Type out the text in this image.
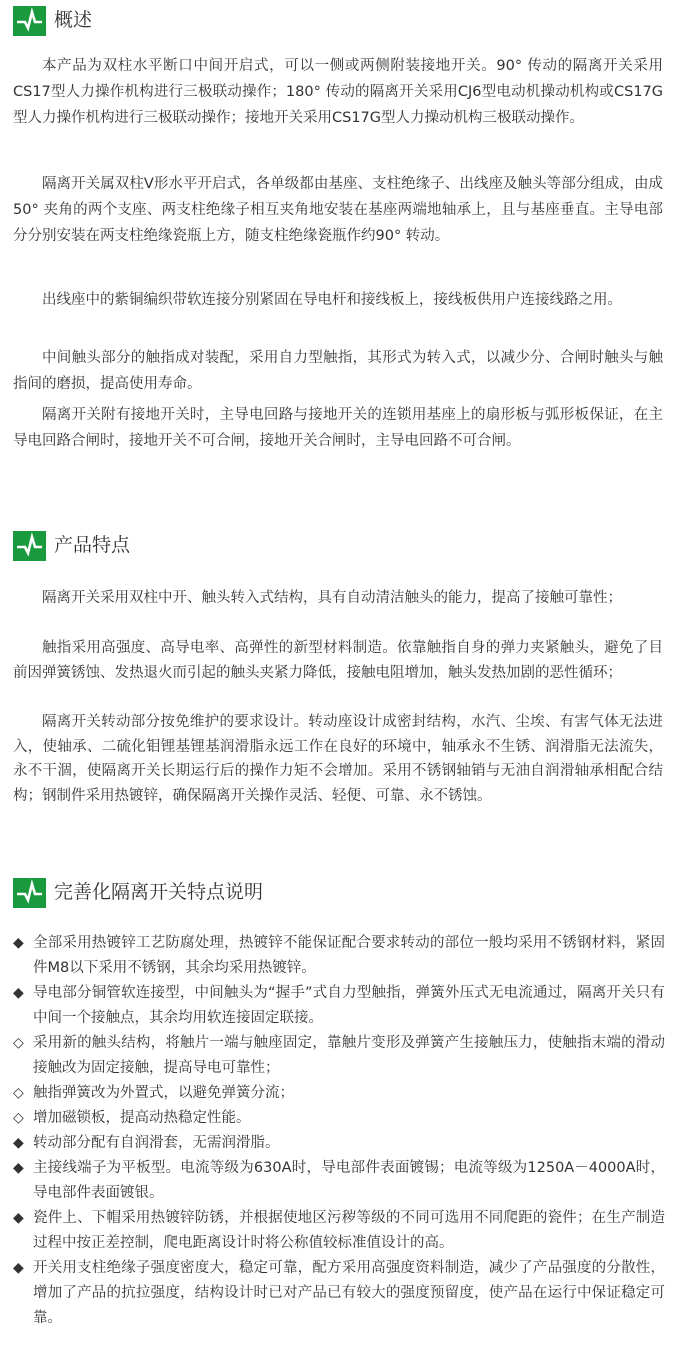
概述

本产品为双柱水平断口中间开启式，可以一侧或两侧附装接地开关。90° 传动的隔离开关采用CS17型人力操作机构进行三极联动操作；180° 传动的隔离开关采用CJ6型电动机操动机构或CS17G型人力操作机构进行三极联动操作；接地开关采用CS17G型人力操动机构三极联动操作。

隔离开关属双柱V形水平开启式，各单级都由基座、支柱绝缘子、出线座及触头等部分组成，由成50° 夹角的两个支座、两支柱绝缘子相互夹角地安装在基座两端地轴承上，且与基座垂直。主导电部分分别安装在两支柱绝缘瓷瓶上方，随支柱绝缘瓷瓶作约90° 转动。

出线座中的紫铜编织带软连接分别紧固在导电杆和接线板上，接线板供用户连接线路之用。

中间触头部分的触指成对装配，采用自力型触指，其形式为转入式，以减少分、合闸时触头与触指间的磨损，提高使用寿命。

隔离开关附有接地开关时，主导电回路与接地开关的连锁用基座上的扇形板与弧形板保证，在主导电回路合闸时，接地开关不可合闸，接地开关合闸时，主导电回路不可合闸。

产品特点

隔离开关采用双柱中开、触头转入式结构，具有自动清洁触头的能力，提高了接触可靠性；

触指采用高强度、高导电率、高弹性的新型材料制造。依靠触指自身的弹力夹紧触头，避免了目前因弹簧锈蚀、发热退火而引起的触头夹紧力降低，接触电阻增加，触头发热加剧的恶性循环；

隔离开关转动部分按免维护的要求设计。转动座设计成密封结构，水汽、尘埃、有害气体无法进入，使轴承、二硫化钼锂基锂基润滑脂永远工作在良好的环境中，轴承永不生锈、润滑脂无法流失，永不干涸，使隔离开关长期运行后的操作力矩不会增加。采用不锈钢轴销与无油自润滑轴承相配合结构；钢制件采用热镀锌，确保隔离开关操作灵活、轻便、可靠、永不锈蚀。

完善化隔离开关特点说明
◆ 全部采用热镀锌工艺防腐处理，热镀锌不能保证配合要求转动的部位一般均采用不锈钢材料，紧固件M8以下采用不锈钢，其余均采用热镀锌。
◆ 导电部分铜管软连接型，中间触头为“握手”式自力型触指，弹簧外压式无电流通过，隔离开关只有中间一个接触点，其余均用软连接固定联接。
◇ 采用新的触头结构，将触片一端与触座固定，靠触片变形及弹簧产生接触压力，使触指末端的滑动接触改为固定接触，提高导电可靠性；
◇ 触指弹簧改为外置式，以避免弹簧分流；
◇ 增加磁锁板，提高动热稳定性能。
◆ 转动部分配有自润滑套，无需润滑脂。
◆ 主接线端子为平板型。电流等级为630A时，导电部件表面镀锡；电流等级为1250A－4000A时，导电部件表面镀银。
◆ 瓷件上、下帽采用热镀锌防锈，并根据使地区污秽等级的不同可选用不同爬距的瓷件；在生产制造过程中按正差控制，爬电距离设计时将公称值较标准值设计的高。
◆ 开关用支柱绝缘子强度密度大，稳定可靠，配方采用高强度资料制造，减少了产品强度的分散性，增加了产品的抗拉强度，结构设计时已对产品已有较大的强度预留度，使产品在运行中保证稳定可靠。
